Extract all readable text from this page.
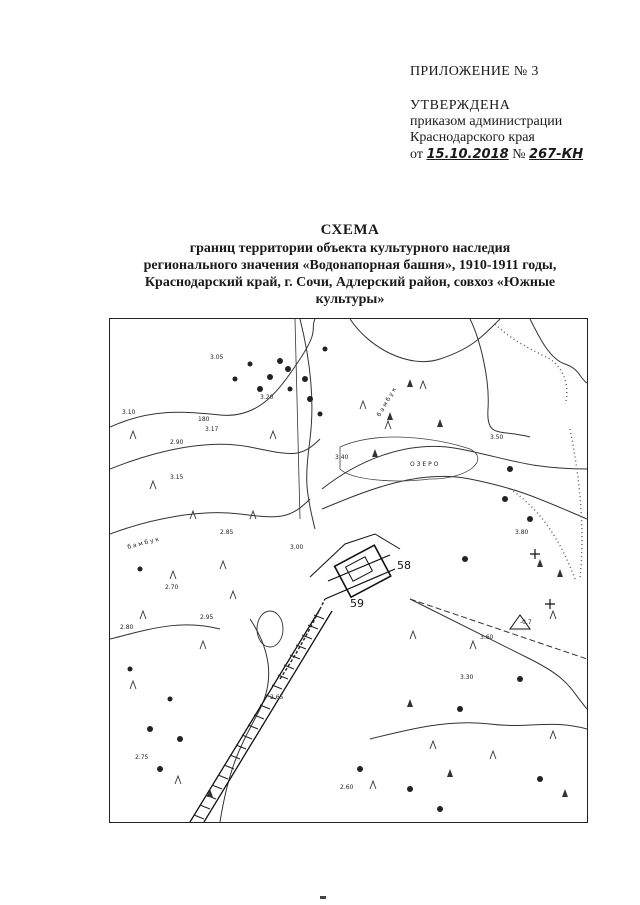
ПРИЛОЖЕНИЕ № 3
УТВЕРЖДЕНА
приказом администрации
Краснодарского края
от 15.10.2018 № 267-КН
СХЕМА
границ территории объекта культурного наследия
регионального значения «Водонапорная башня», 1910-1911 годы,
Краснодарский край, г. Сочи, Адлерский район, совхоз «Южные
культуры»
58
59
180
О З Е Р О
б а м б у к
б а м б у к
3.17
3.10
3.05
3.20
2.90
2.85
2.70
3.40
3.50
3.80
3.60
2.80
2.75
2.60
3.00
3.30
-0.7
2.95
2.65
3.15
